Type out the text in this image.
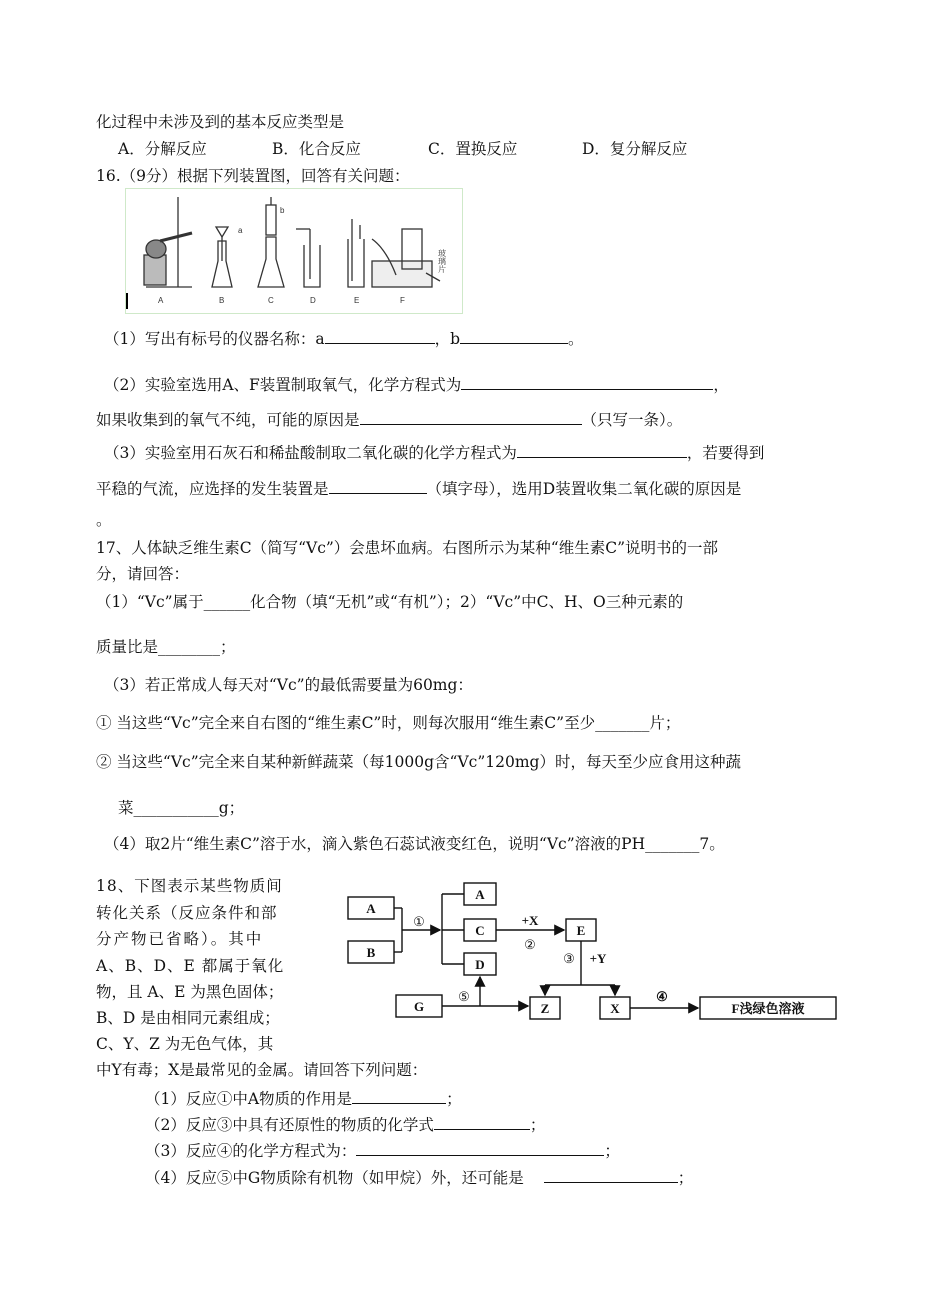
化过程中未涉及到的基本反应类型是
A．分解反应	B．化合反应	C．置换反应	D．复分解反应
16.（9分）根据下列装置图，回答有关问题：
A	B	C	D	E	F
a
b
玻璃片
（1）写出有标号的仪器名称：a	，b	。
（2）实验室选用A、F装置制取氧气，化学方程式为	，
如果收集到的氧气不纯，可能的原因是	（只写一条）。
（3）实验室用石灰石和稀盐酸制取二氧化碳的化学方程式为	，若要得到
平稳的气流，应选择的发生装置是	（填字母），选用D装置收集二氧化碳的原因是
。
17、人体缺乏维生素C（简写“Vc”）会患坏血病。右图所示为某种“维生素C”说明书的一部
分，请回答：
（1）“Vc”属于______化合物（填“无机”或“有机”）；2）“Vc”中C、H、O三种元素的
质量比是________；
（3）若正常成人每天对“Vc”的最低需要量为60mg：
① 当这些“Vc”完全来自右图的“维生素C”时，则每次服用“维生素C”至少_______片；
② 当这些“Vc”完全来自某种新鲜蔬菜（每1000g含“Vc”120mg）时，每天至少应食用这种蔬
菜___________g；
（4）取2片“维生素C”溶于水，滴入紫色石蕊试液变红色，说明“Vc”溶液的PH_______7。
18、下图表示某些物质间
转化关系（反应条件和部
分产物已省略）。其中
A、B、D、E 都属于氧化
物，且 A、E 为黑色固体；
B、D 是由相同元素组成；
C、Y、Z 为无色气体，其
中Y有毒；X是最常见的金属。请回答下列问题：
A
B
A
C
D
E
G	Z	X	F浅绿色溶液
①	+X
②
③ +Y
⑤	④
（1）反应①中A物质的作用是	；
（2）反应③中具有还原性的物质的化学式	；
（3）反应④的化学方程式为：	；
（4）反应⑤中G物质除有机物（如甲烷）外，还可能是	；
